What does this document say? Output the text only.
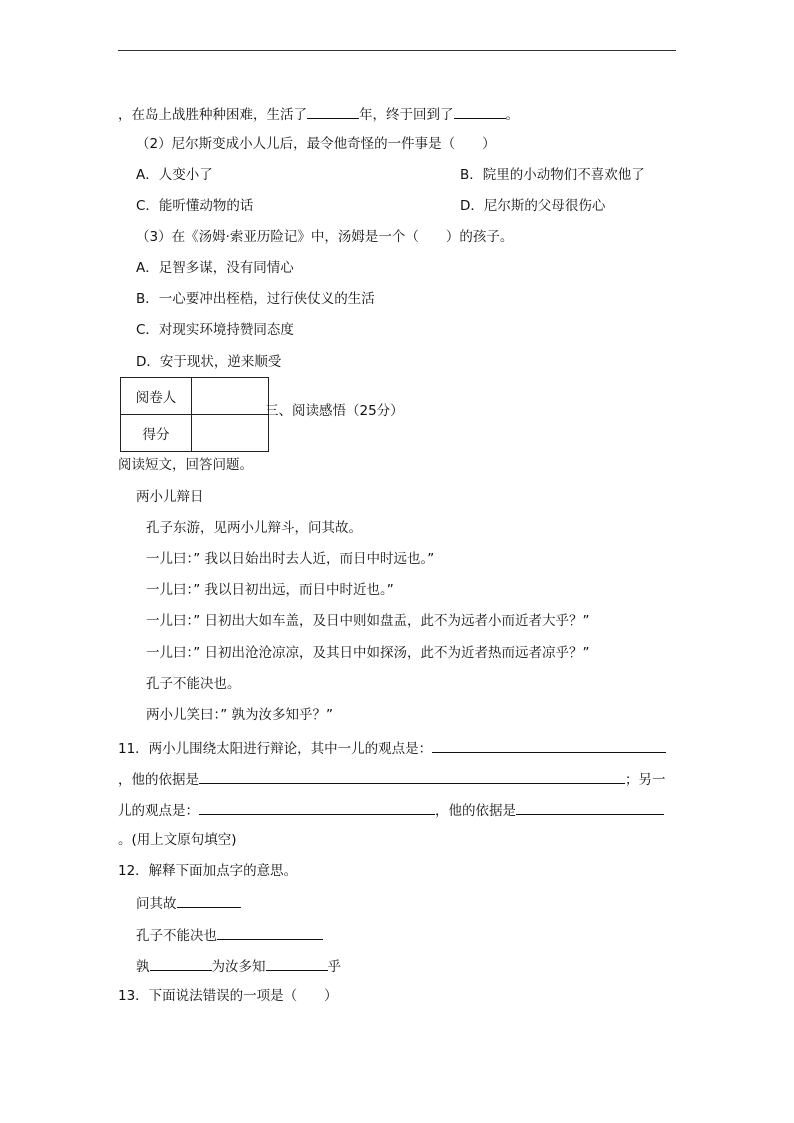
，在岛上战胜种种困难，生活了	年，终于回到了	。
（2）尼尔斯变成小人儿后，最令他奇怪的一件事是（　　）
A．人变小了	B．院里的小动物们不喜欢他了
C．能听懂动物的话	D．尼尔斯的父母很伤心
（3）在《汤姆·索亚历险记》中，汤姆是一个（　　）的孩子。
A．足智多谋，没有同情心
B．一心要冲出桎梏，过行侠仗义的生活
C．对现实环境持赞同态度
D．安于现状，逆来顺受
阅卷人	
得分	
三、阅读感悟（25分）
阅读短文，回答问题。
两小儿辩日
孔子东游，见两小儿辩斗，问其故。
一儿曰：” 我以日始出时去人近，而日中时远也。”
一儿曰：” 我以日初出远，而日中时近也。”
一儿曰：” 日初出大如车盖，及日中则如盘盂，此不为远者小而近者大乎？”
一儿曰：” 日初出沧沧凉凉，及其日中如探汤，此不为近者热而远者凉乎？”
孔子不能决也。
两小儿笑曰：” 孰为汝多知乎？”
11．两小儿围绕太阳进行辩论，其中一儿的观点是：
，他的依据是	；另一
儿的观点是：	，他的依据是
。(用上文原句填空)
12．解释下面加点字的意思。
问其故
孔子不能决也
孰	为汝多知	乎
13．下面说法错误的一项是（　　）
